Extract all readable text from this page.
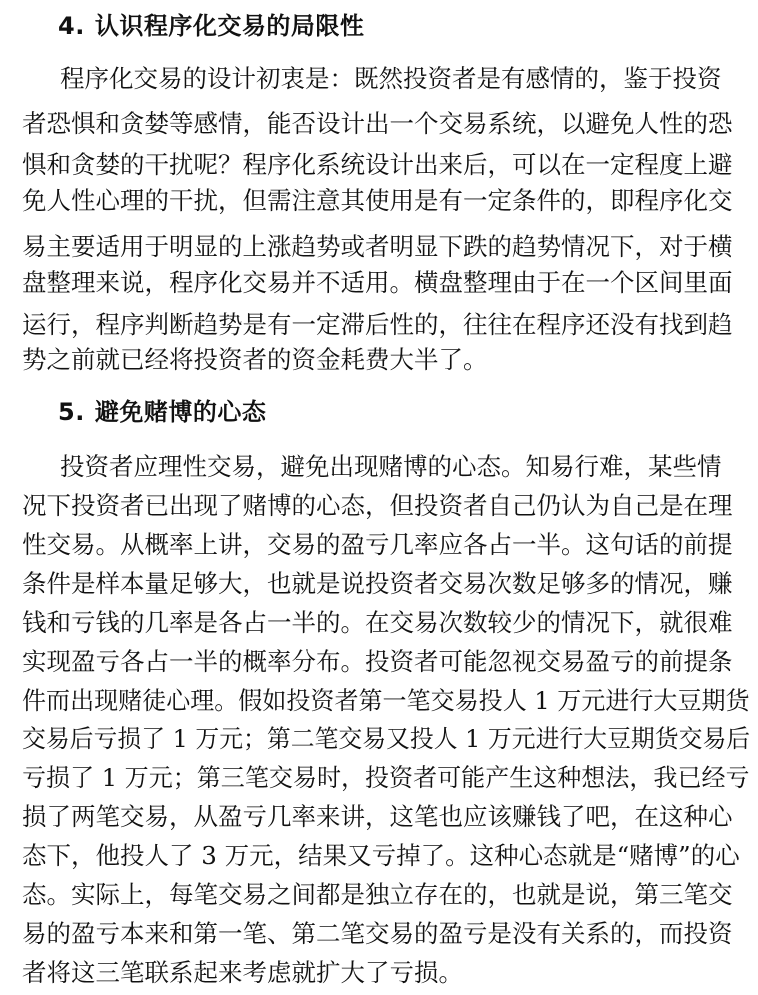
4. 认识程序化交易的局限性
程序化交易的设计初衷是：既然投资者是有感情的，鉴于投资
者恐惧和贪婪等感情，能否设计出一个交易系统，以避免人性的恐
惧和贪婪的干扰呢？程序化系统设计出来后，可以在一定程度上避
免人性心理的干扰，但需注意其使用是有一定条件的，即程序化交
易主要适用于明显的上涨趋势或者明显下跌的趋势情况下，对于横
盘整理来说，程序化交易并不适用。横盘整理由于在一个区间里面
运行，程序判断趋势是有一定滞后性的，往往在程序还没有找到趋
势之前就已经将投资者的资金耗费大半了。
5. 避免赌博的心态
投资者应理性交易，避免出现赌博的心态。知易行难，某些情
况下投资者已出现了赌博的心态，但投资者自己仍认为自己是在理
性交易。从概率上讲，交易的盈亏几率应各占一半。这句话的前提
条件是样本量足够大，也就是说投资者交易次数足够多的情况，赚
钱和亏钱的几率是各占一半的。在交易次数较少的情况下，就很难
实现盈亏各占一半的概率分布。投资者可能忽视交易盈亏的前提条
件而出现赌徒心理。假如投资者第一笔交易投人 1 万元进行大豆期货
交易后亏损了 1 万元；第二笔交易又投人 1 万元进行大豆期货交易后
亏损了 1 万元；第三笔交易时，投资者可能产生这种想法，我已经亏
损了两笔交易，从盈亏几率来讲，这笔也应该赚钱了吧，在这种心
态下，他投人了 3 万元，结果又亏掉了。这种心态就是“赌博”的心
态。实际上，每笔交易之间都是独立存在的，也就是说，第三笔交
易的盈亏本来和第一笔、第二笔交易的盈亏是没有关系的，而投资
者将这三笔联系起来考虑就扩大了亏损。
